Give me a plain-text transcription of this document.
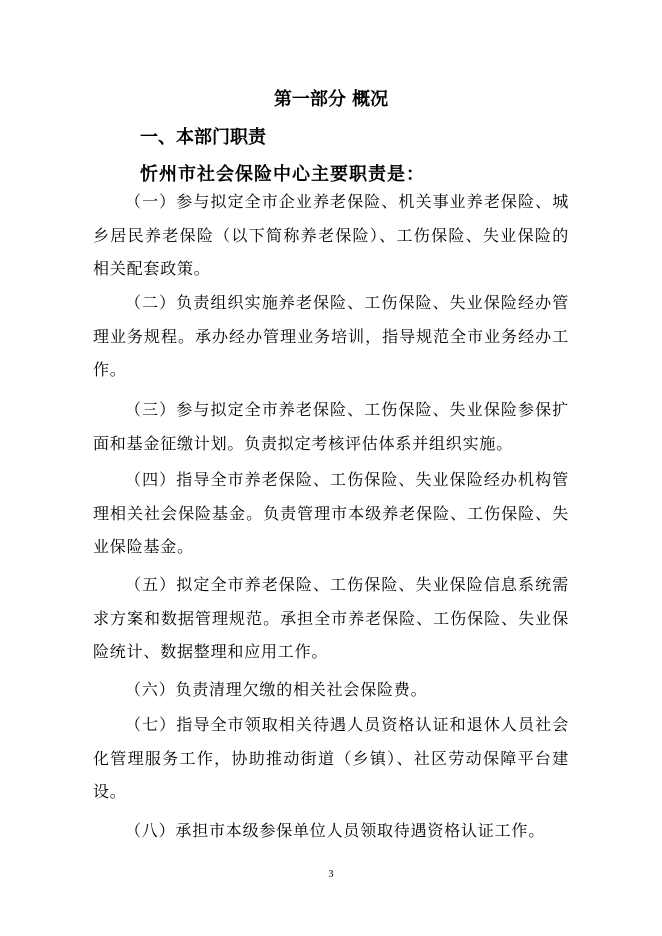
第一部分 概况
一、本部门职责
忻州市社会保险中心主要职责是：

（一）参与拟定全市企业养老保险、机关事业养老保险、城乡居民养老保险（以下简称养老保险）、工伤保险、失业保险的相关配套政策。

（二）负责组织实施养老保险、工伤保险、失业保险经办管理业务规程。承办经办管理业务培训，指导规范全市业务经办工作。

（三）参与拟定全市养老保险、工伤保险、失业保险参保扩面和基金征缴计划。负责拟定考核评估体系并组织实施。

（四）指导全市养老保险、工伤保险、失业保险经办机构管理相关社会保险基金。负责管理市本级养老保险、工伤保险、失业保险基金。

（五）拟定全市养老保险、工伤保险、失业保险信息系统需求方案和数据管理规范。承担全市养老保险、工伤保险、失业保险统计、数据整理和应用工作。

（六）负责清理欠缴的相关社会保险费。

（七）指导全市领取相关待遇人员资格认证和退休人员社会化管理服务工作，协助推动街道（乡镇）、社区劳动保障平台建设。

（八）承担市本级参保单位人员领取待遇资格认证工作。

3
